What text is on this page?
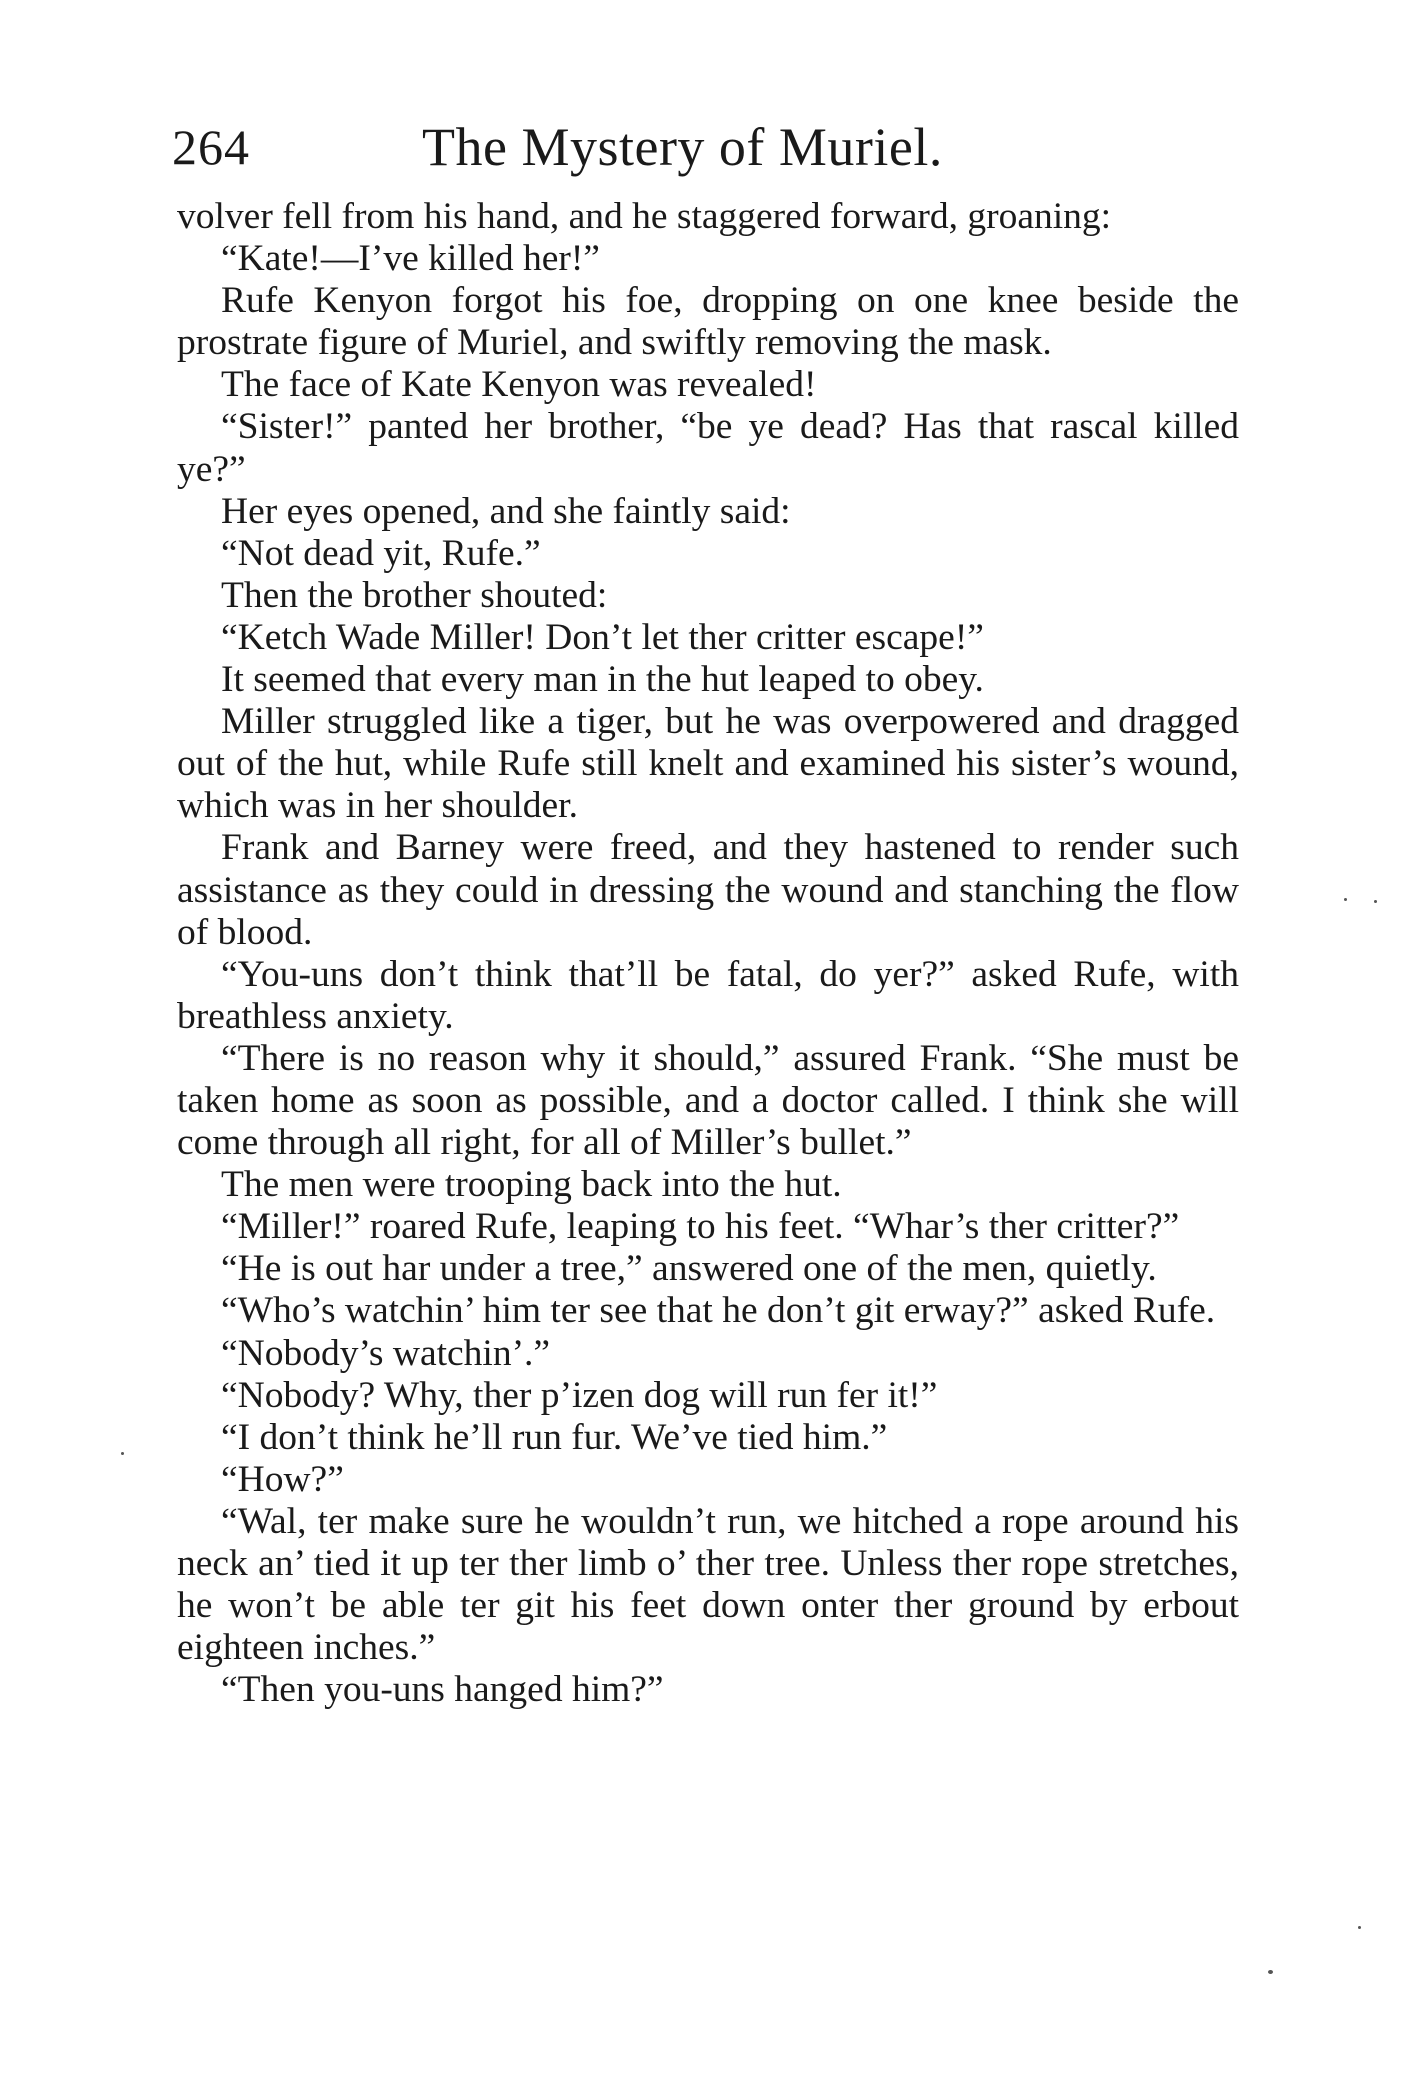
264	The Mystery of Muriel.

volver fell from his hand, and he staggered forward, groaning:

“Kate!—I’ve killed her!”

Rufe Kenyon forgot his foe, dropping on one knee beside the prostrate figure of Muriel, and swiftly removing the mask.

The face of Kate Kenyon was revealed!

“Sister!” panted her brother, “be ye dead? Has that rascal killed ye?”

Her eyes opened, and she faintly said:

“Not dead yit, Rufe.”

Then the brother shouted:

“Ketch Wade Miller! Don’t let ther critter escape!”

It seemed that every man in the hut leaped to obey.

Miller struggled like a tiger, but he was overpowered and dragged out of the hut, while Rufe still knelt and examined his sister’s wound, which was in her shoulder.

Frank and Barney were freed, and they hastened to render such assistance as they could in dressing the wound and stanching the flow of blood.

“You-uns don’t think that’ll be fatal, do yer?” asked Rufe, with breathless anxiety.

“There is no reason why it should,” assured Frank. “She must be taken home as soon as possible, and a doctor called. I think she will come through all right, for all of Miller’s bullet.”

The men were trooping back into the hut.

“Miller!” roared Rufe, leaping to his feet. “Whar’s ther critter?”

“He is out har under a tree,” answered one of the men, quietly.

“Who’s watchin’ him ter see that he don’t git erway?” asked Rufe.

“Nobody’s watchin’.”

“Nobody? Why, ther p’izen dog will run fer it!”

“I don’t think he’ll run fur. We’ve tied him.”

“How?”

“Wal, ter make sure he wouldn’t run, we hitched a rope around his neck an’ tied it up ter ther limb o’ ther tree. Unless ther rope stretches, he won’t be able ter git his feet down onter ther ground by erbout eighteen inches.”

“Then you-uns hanged him?”
